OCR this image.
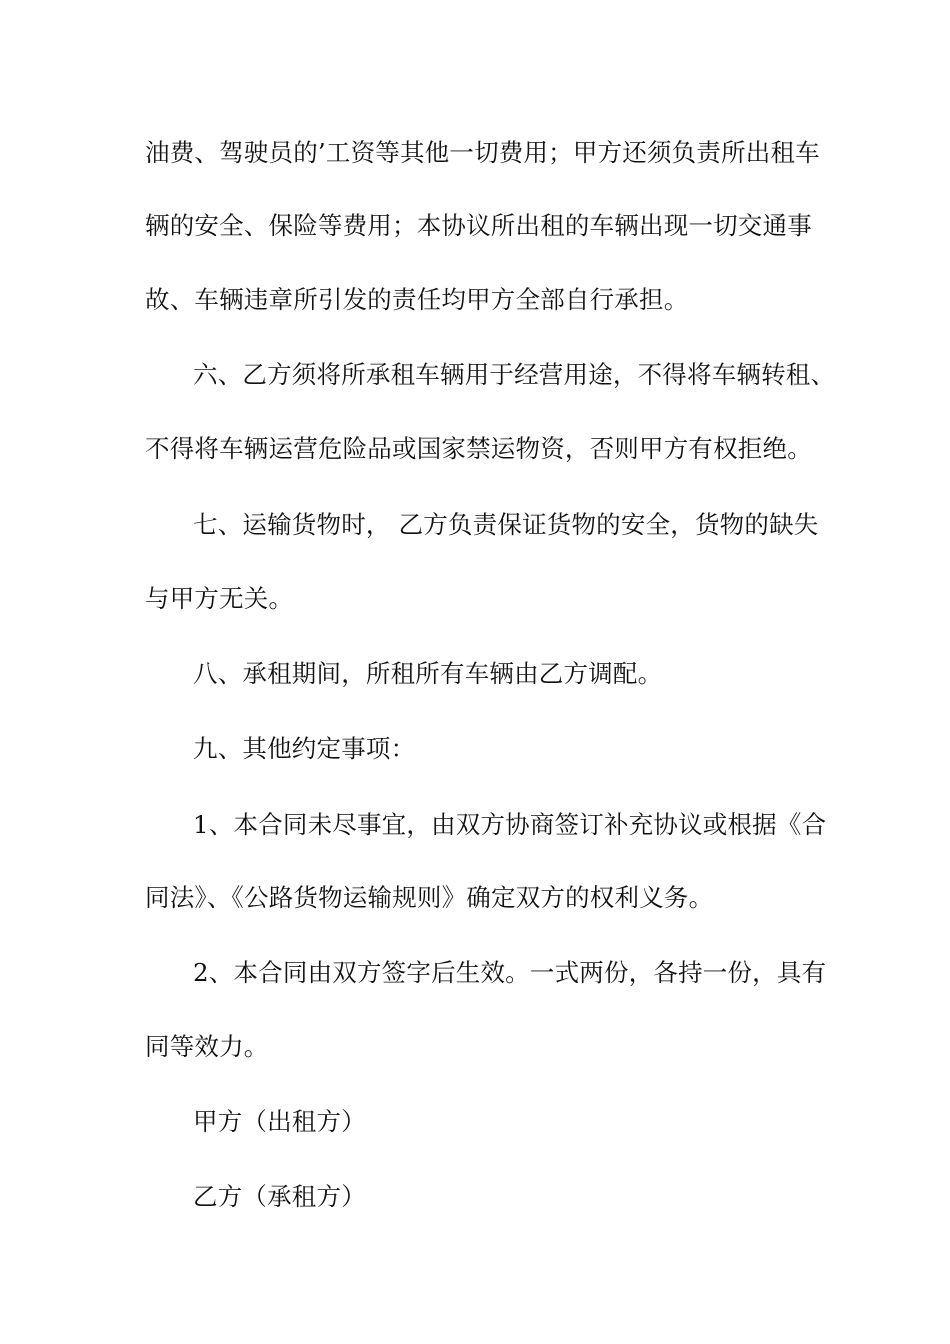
油费、驾驶员的’工资等其他一切费用；甲方还须负责所出租车
辆的安全、保险等费用；本协议所出租的车辆出现一切交通事
故、车辆违章所引发的责任均甲方全部自行承担。
六、乙方须将所承租车辆用于经营用途，不得将车辆转租、
不得将车辆运营危险品或国家禁运物资，否则甲方有权拒绝。
七、运输货物时， 乙方负责保证货物的安全，货物的缺失
与甲方无关。
八、承租期间，所租所有车辆由乙方调配。
九、其他约定事项：
1、本合同未尽事宜，由双方协商签订补充协议或根据《合
同法》、《公路货物运输规则》确定双方的权利义务。
2、本合同由双方签字后生效。一式两份，各持一份，具有
同等效力。
甲方（出租方）
乙方（承租方）
